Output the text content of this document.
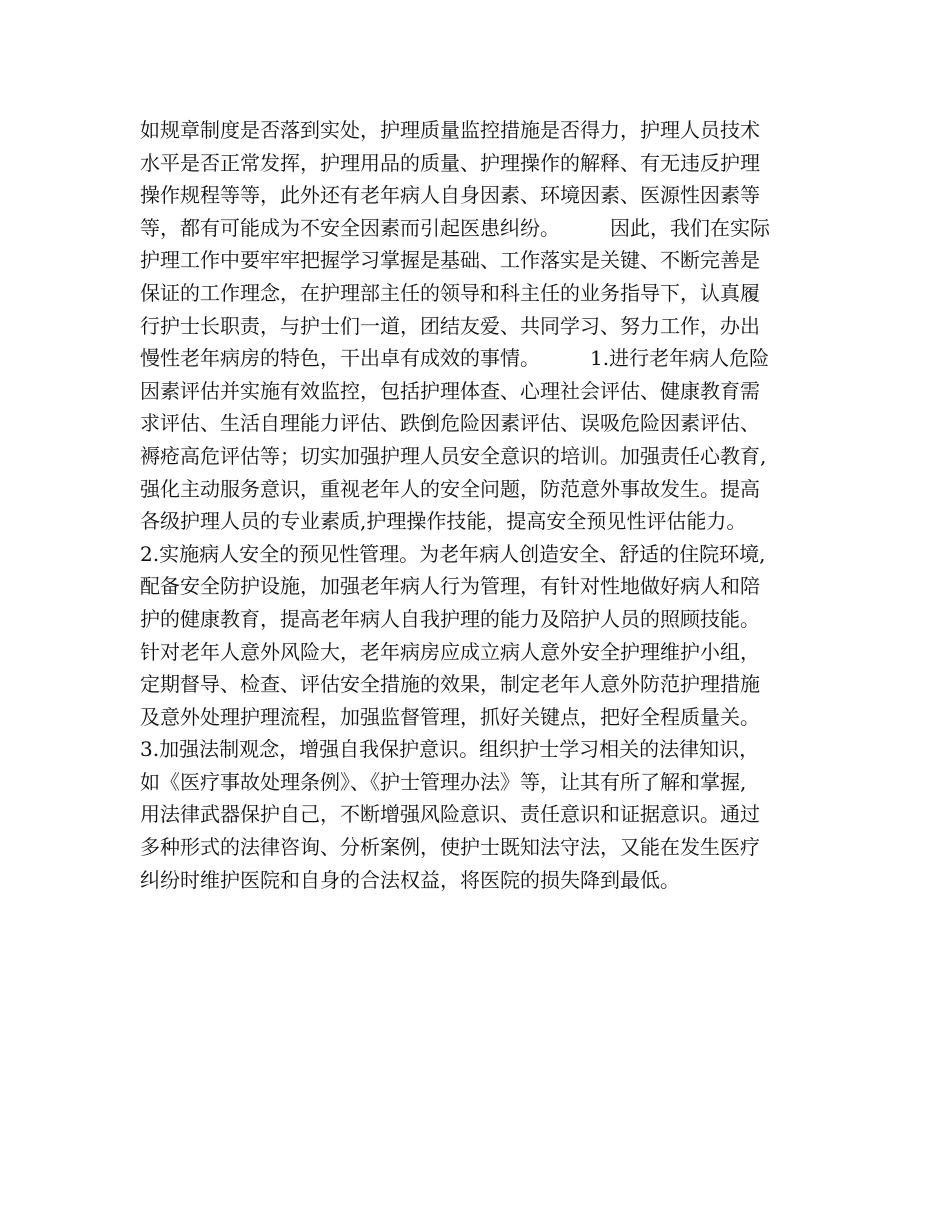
如规章制度是否落到实处，护理质量监控措施是否得力，护理人员技术
水平是否正常发挥，护理用品的质量、护理操作的解释、有无违反护理
操作规程等等，此外还有老年病人自身因素、环境因素、医源性因素等
等，都有可能成为不安全因素而引起医患纠纷。　　　因此，我们在实际
护理工作中要牢牢把握学习掌握是基础、工作落实是关键、不断完善是
保证的工作理念，在护理部主任的领导和科主任的业务指导下，认真履
行护士长职责，与护士们一道，团结友爱、共同学习、努力工作，办出
慢性老年病房的特色，干出卓有成效的事情。　　　1.进行老年病人危险
因素评估并实施有效监控，包括护理体查、心理社会评估、健康教育需
求评估、生活自理能力评估、跌倒危险因素评估、误吸危险因素评估、
褥疮高危评估等；切实加强护理人员安全意识的培训。加强责任心教育,
强化主动服务意识，重视老年人的安全问题，防范意外事故发生。提高
各级护理人员的专业素质,护理操作技能，提高安全预见性评估能力。
2.实施病人安全的预见性管理。为老年病人创造安全、舒适的住院环境,
配备安全防护设施，加强老年病人行为管理，有针对性地做好病人和陪
护的健康教育，提高老年病人自我护理的能力及陪护人员的照顾技能。
针对老年人意外风险大，老年病房应成立病人意外安全护理维护小组，
定期督导、检查、评估安全措施的效果，制定老年人意外防范护理措施
及意外处理护理流程，加强监督管理，抓好关键点，把好全程质量关。
3.加强法制观念，增强自我保护意识。组织护士学习相关的法律知识，
如《医疗事故处理条例》、《护士管理办法》等，让其有所了解和掌握,
用法律武器保护自己，不断增强风险意识、责任意识和证据意识。通过
多种形式的法律咨询、分析案例，使护士既知法守法，又能在发生医疗
纠纷时维护医院和自身的合法权益，将医院的损失降到最低。
